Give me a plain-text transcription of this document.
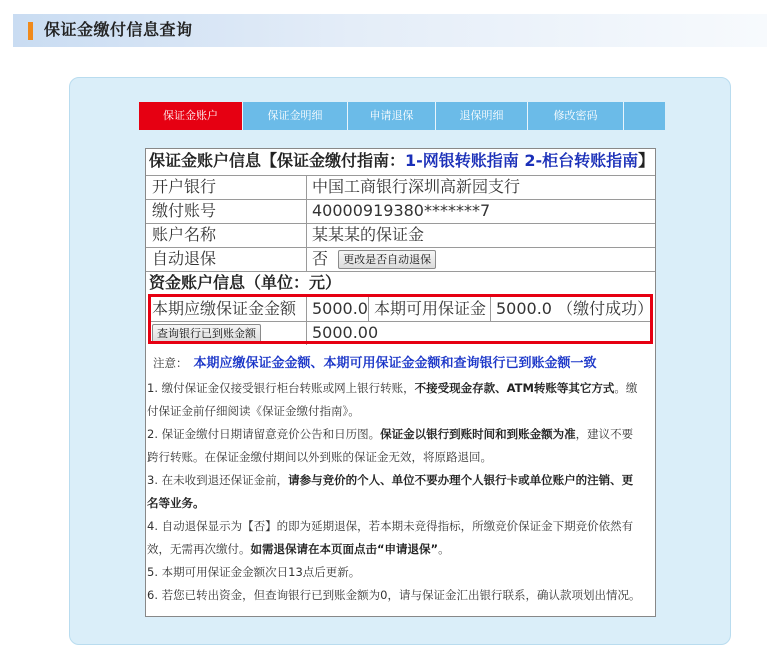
保证金缴付信息查询
保证金账户	保证金明细	申请退保	退保明细	修改密码
保证金账户信息【保证金缴付指南：1-网银转账指南 2-柜台转账指南】
开户银行	中国工商银行深圳高新园支行
缴付账号	40000919380*******7
账户名称	某某某的保证金
自动退保	否 更改是否自动退保
资金账户信息（单位：元）
本期应缴保证金金额 5000.0 本期可用保证金 5000.0 （缴付成功）
查询银行已到账金额	5000.00

注意： 本期应缴保证金金额、本期可用保证金金额和查询银行已到账金额一致

1. 缴付保证金仅接受银行柜台转账或网上银行转账，不接受现金存款、ATM转账等其它方式。缴

付保证金前仔细阅读《保证金缴付指南》。

2. 保证金缴付日期请留意竞价公告和日历图。保证金以银行到账时间和到账金额为准，建议不要

跨行转账。在保证金缴付期间以外到账的保证金无效，将原路退回。

3. 在未收到退还保证金前，请参与竞价的个人、单位不要办理个人银行卡或单位账户的注销、更

名等业务。

4. 自动退保显示为【否】的即为延期退保，若本期未竞得指标，所缴竞价保证金下期竞价依然有

效，无需再次缴付。如需退保请在本页面点击“申请退保”。

5. 本期可用保证金金额次日13点后更新。

6. 若您已转出资金，但查询银行已到账金额为0，请与保证金汇出银行联系，确认款项划出情况。
